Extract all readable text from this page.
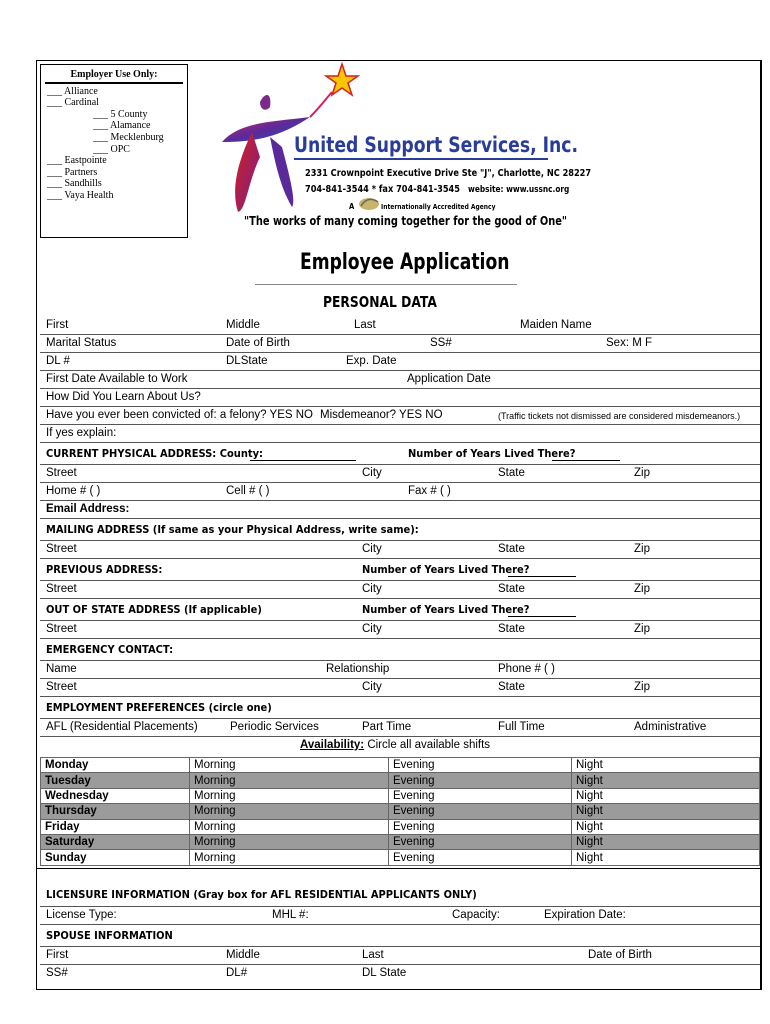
Employer Use Only:
___ Alliance
___ Cardinal
___ 5 County
___ Alamance
___ Mecklenburg
___ OPC
___ Eastpointe
___ Partners
___ Sandhills
___ Vaya Health
United Support Services, Inc.
2331 Crownpoint Executive Drive Ste "J", Charlotte, NC 28227
704-841-3544 * fax 704-841-3545 website: www.ussnc.org
A	Internationally Accredited Agency
"The works of many coming together for the good of One"
Employee Application
PERSONAL DATA
First	Middle	Last	Maiden Name
Marital Status	Date of Birth	SS#	Sex: M F
DL #	DLState	Exp. Date
First Date Available to Work	Application Date
How Did You Learn About Us?
Have you ever been convicted of: a felony? YES NO Misdemeanor? YES NO	(Traffic tickets not dismissed are considered misdemeanors.)
If yes explain:
CURRENT PHYSICAL ADDRESS: County:	Number of Years Lived There?
Street	City	State	Zip
Home # ( )	Cell # ( )	Fax # ( )
Email Address:
MAILING ADDRESS (If same as your Physical Address, write same):
Street	City	State	Zip
PREVIOUS ADDRESS:	Number of Years Lived There?
Street	City	State	Zip
OUT OF STATE ADDRESS (If applicable)	Number of Years Lived There?
Street	City	State	Zip
EMERGENCY CONTACT:
Name	Relationship	Phone # ( )
Street	City	State	Zip
EMPLOYMENT PREFERENCES (circle one)
AFL (Residential Placements)	Periodic Services	Part Time	Full Time	Administrative
Availability: Circle all available shifts
Monday	Morning	Evening	Night
Tuesday	Morning	Evening	Night
Wednesday	Morning	Evening	Night
Thursday	Morning	Evening	Night
Friday	Morning	Evening	Night
Saturday	Morning	Evening	Night
Sunday	Morning	Evening	Night
LICENSURE INFORMATION (Gray box for AFL RESIDENTIAL APPLICANTS ONLY)
License Type:	MHL #:	Capacity:	Expiration Date:
SPOUSE INFORMATION
First	Middle	Last	Date of Birth
SS#	DL#	DL State
